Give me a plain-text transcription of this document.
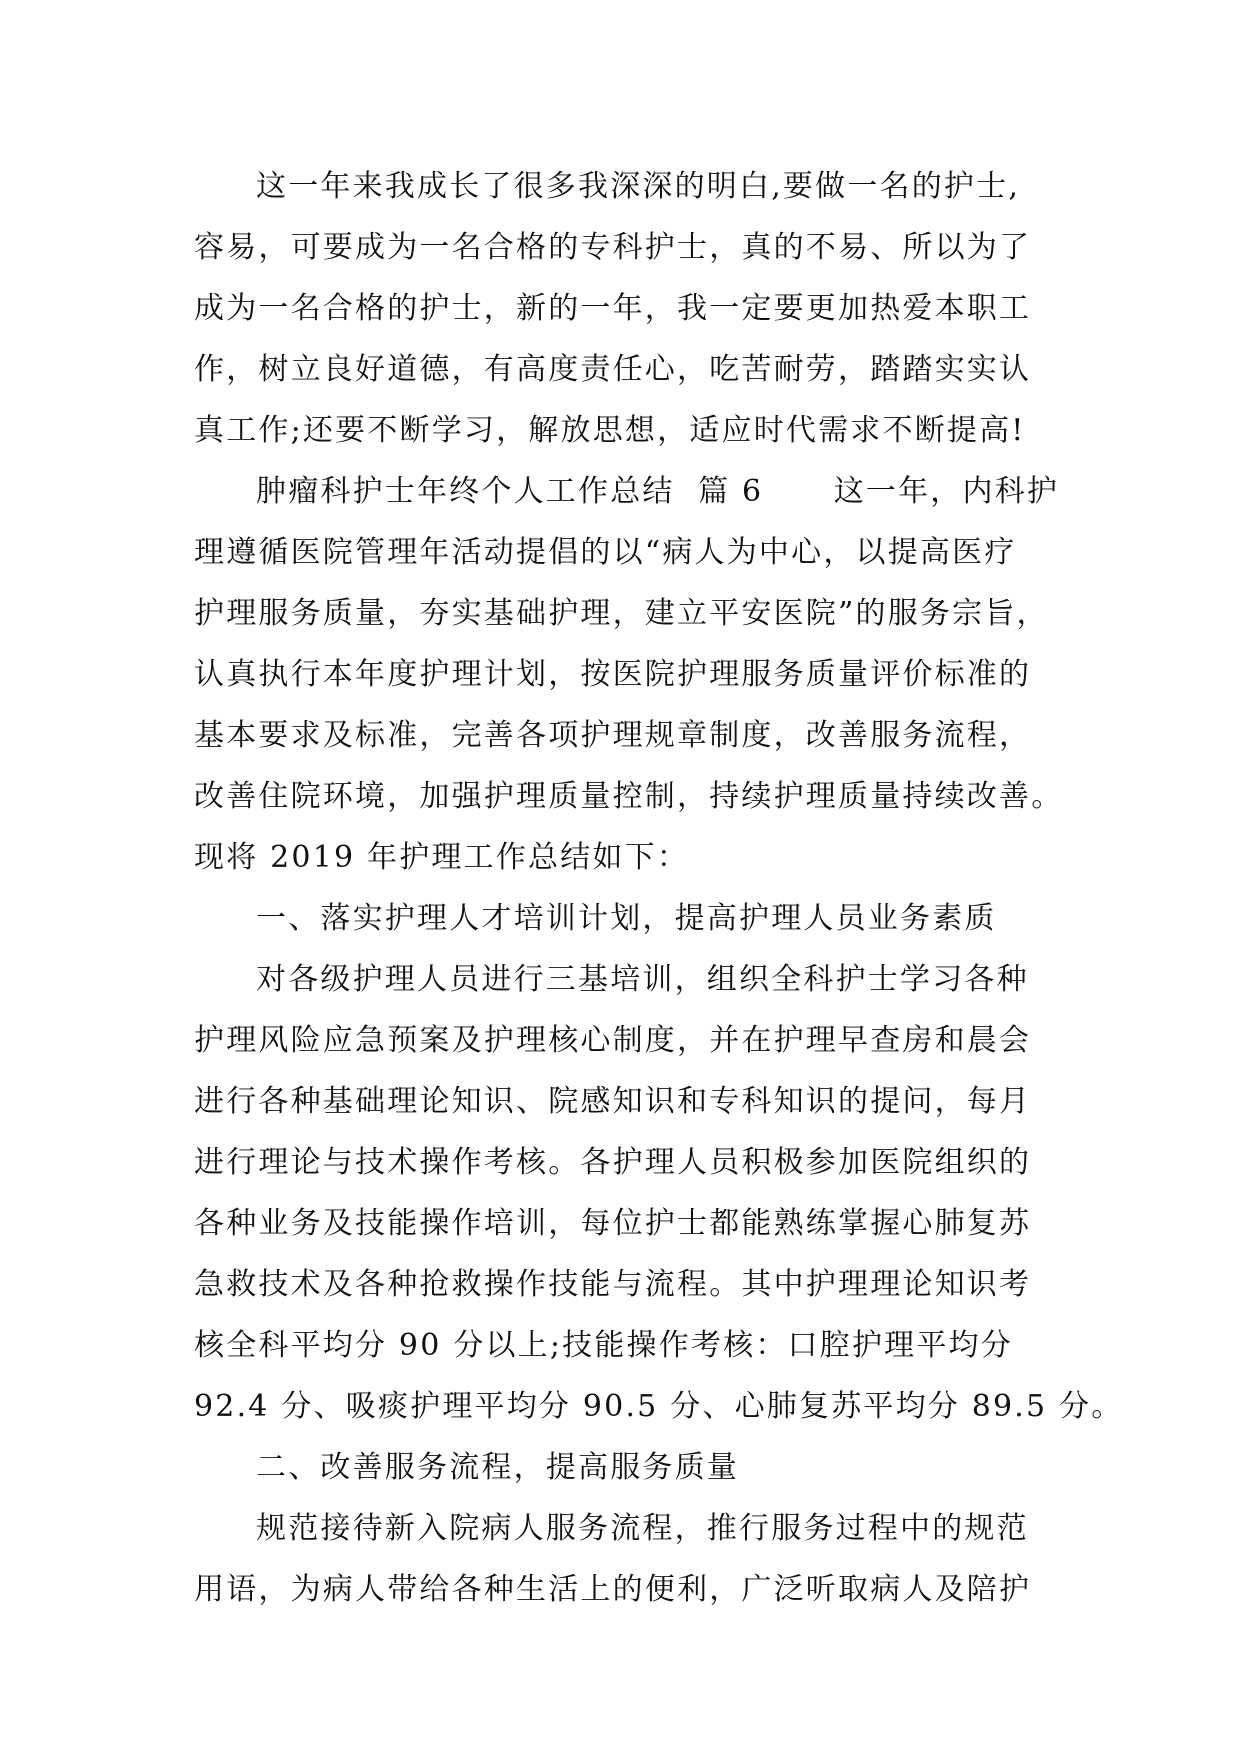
这一年来我成长了很多我深深的明白,要做一名的护士,
容易，可要成为一名合格的专科护士，真的不易、所以为了
成为一名合格的护士，新的一年，我一定要更加热爱本职工
作，树立良好道德，有高度责任心，吃苦耐劳，踏踏实实认
真工作;还要不断学习，解放思想，适应时代需求不断提高!
肿瘤科护士年终个人工作总结  篇 6      这一年，内科护
理遵循医院管理年活动提倡的以“病人为中心，以提高医疗
护理服务质量，夯实基础护理，建立平安医院”的服务宗旨，
认真执行本年度护理计划，按医院护理服务质量评价标准的
基本要求及标准，完善各项护理规章制度，改善服务流程，
改善住院环境，加强护理质量控制，持续护理质量持续改善。
现将 2019 年护理工作总结如下：
一、落实护理人才培训计划，提高护理人员业务素质
对各级护理人员进行三基培训，组织全科护士学习各种
护理风险应急预案及护理核心制度，并在护理早查房和晨会
进行各种基础理论知识、院感知识和专科知识的提问，每月
进行理论与技术操作考核。各护理人员积极参加医院组织的
各种业务及技能操作培训，每位护士都能熟练掌握心肺复苏
急救技术及各种抢救操作技能与流程。其中护理理论知识考
核全科平均分 90 分以上;技能操作考核：口腔护理平均分
92.4 分、吸痰护理平均分 90.5 分、心肺复苏平均分 89.5 分。
二、改善服务流程，提高服务质量
规范接待新入院病人服务流程，推行服务过程中的规范
用语，为病人带给各种生活上的便利，广泛听取病人及陪护
